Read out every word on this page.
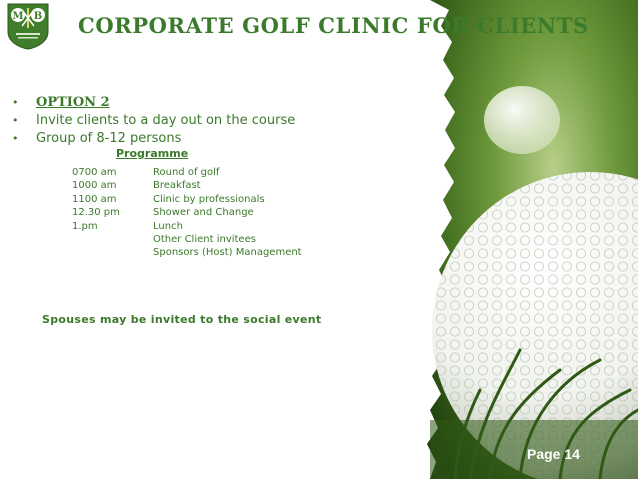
M B CORPORATE GOLF CLINIC FOR CLIENTS
• OPTION 2
• Invite clients to a day out on the course
• Group of 8-12 persons
Programme
0700 am	Round of golf
1000 am	Breakfast
1100 am	Clinic by professionals
12.30 pm	Shower and Change
1.pm	Lunch
Other Client invitees
Sponsors (Host) Management
Spouses may be invited to the social event
Page 14
